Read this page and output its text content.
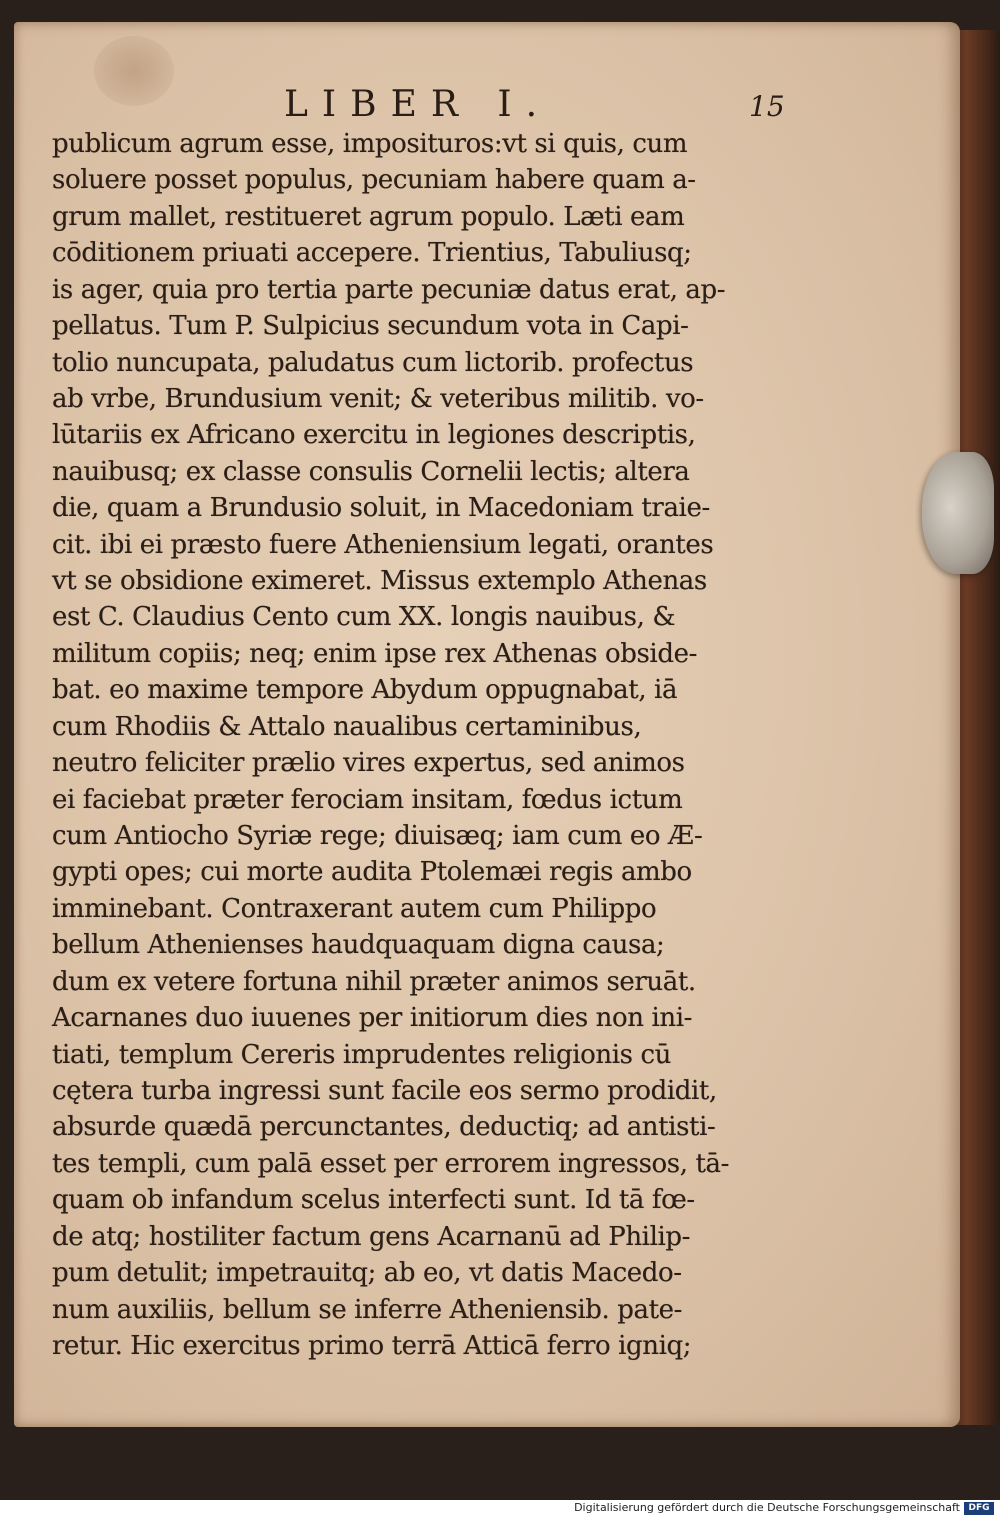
LIBER I.	15
publicum agrum esse, imposituros:vt si quis, cum
soluere posset populus, pecuniam habere quam a-
grum mallet, restitueret agrum populo. Læti eam
cōditionem priuati accepere. Trientius, Tabuliusq;
is ager, quia pro tertia parte pecuniæ datus erat, ap-
pellatus. Tum P. Sulpicius secundum vota in Capi-
tolio nuncupata, paludatus cum lictorib. profectus
ab vrbe, Brundusium venit; & veteribus militib. vo-
lūtariis ex Africano exercitu in legiones descriptis,
nauibusq; ex classe consulis Cornelii lectis; altera
die, quam a Brundusio soluit, in Macedoniam traie-
cit. ibi ei præsto fuere Atheniensium legati, orantes
vt se obsidione eximeret. Missus extemplo Athenas
est C. Claudius Cento cum XX. longis nauibus, &
militum copiis; neq; enim ipse rex Athenas obside-
bat. eo maxime tempore Abydum oppugnabat, iā
cum Rhodiis & Attalo naualibus certaminibus,
neutro feliciter prælio vires expertus, sed animos
ei faciebat præter ferociam insitam, fœdus ictum
cum Antiocho Syriæ rege; diuisæq; iam cum eo Æ-
gypti opes; cui morte audita Ptolemæi regis ambo
imminebant. Contraxerant autem cum Philippo
bellum Athenienses haudquaquam digna causa;
dum ex vetere fortuna nihil præter animos seruāt.
Acarnanes duo iuuenes per initiorum dies non ini-
tiati, templum Cereris imprudentes religionis cū
cętera turba ingressi sunt facile eos sermo prodidit,
absurde quædā percunctantes, deductiq; ad antisti-
tes templi, cum palā esset per errorem ingressos, tā-
quam ob infandum scelus interfecti sunt. Id tā fœ-
de atq; hostiliter factum gens Acarnanū ad Philip-
pum detulit; impetrauitq; ab eo, vt datis Macedo-
num auxiliis, bellum se inferre Atheniensib. pate-
retur. Hic exercitus primo terrā Atticā ferro igniq;
Digitalisierung gefördert durch die Deutsche Forschungsgemeinschaft DFG
